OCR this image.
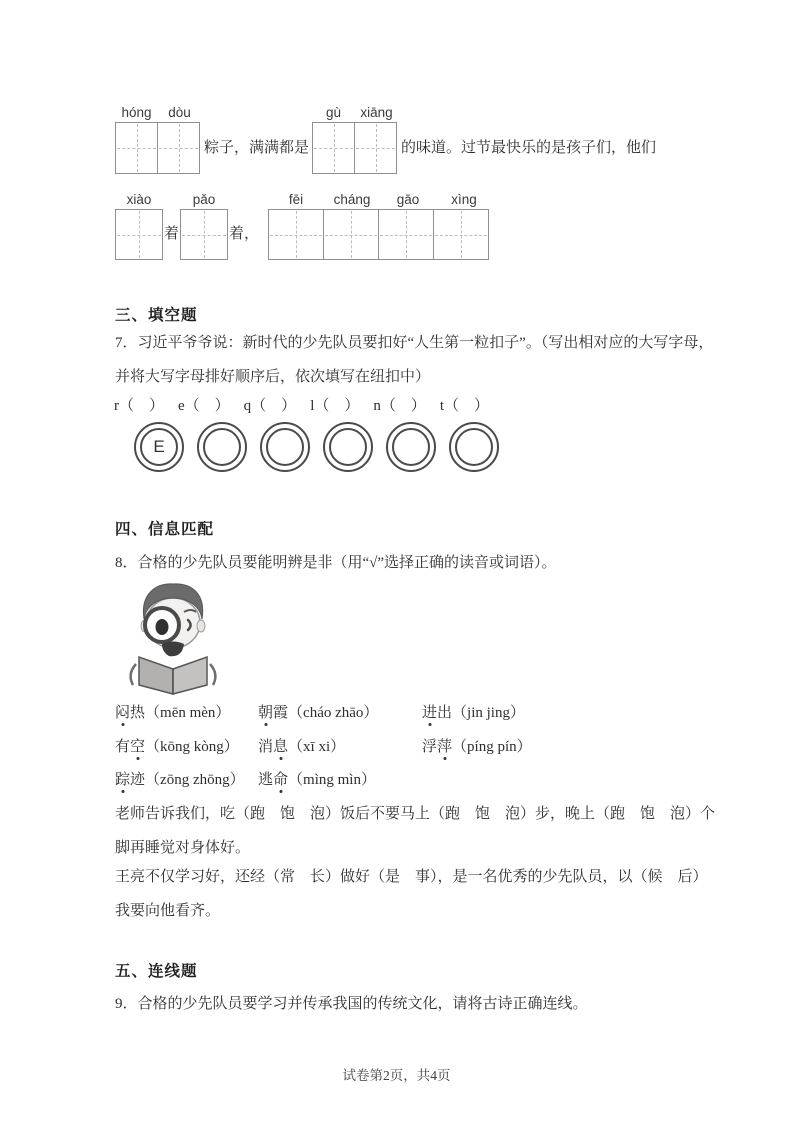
hóng	dòu
粽子，满满都是
gù	xiāng
的味道。过节最快乐的是孩子们，他们
xiào
着
pǎo
着，
fēi	cháng	gāo	xìng
三、填空题
7．习近平爷爷说：新时代的少先队员要扣好“人生第一粒扣子”。（写出相对应的大写字母，
并将大写字母排好顺序后，依次填写在纽扣中）
r（　） e（　） q（　） l（　） n（　） t（　）
E
四、信息匹配
8．合格的少先队员要能明辨是非（用“√”选择正确的读音或词语）。
闷热（mēn mèn）	朝霞（cháo zhāo）	进出（jin jing）
有空（kōng kòng）	消息（xī xi）	浮萍（píng pín）
踪迹（zōng zhōng） 逃命（mìng mìn）
老师告诉我们，吃（跑　饱　泡）饭后不要马上（跑　饱　泡）步，晚上（跑　饱　泡）个
脚再睡觉对身体好。
王亮不仅学习好，还经（常　长）做好（是　事），是一名优秀的少先队员，以（候　后）
我要向他看齐。
五、连线题
9．合格的少先队员要学习并传承我国的传统文化，请将古诗正确连线。
试卷第2页，共4页
